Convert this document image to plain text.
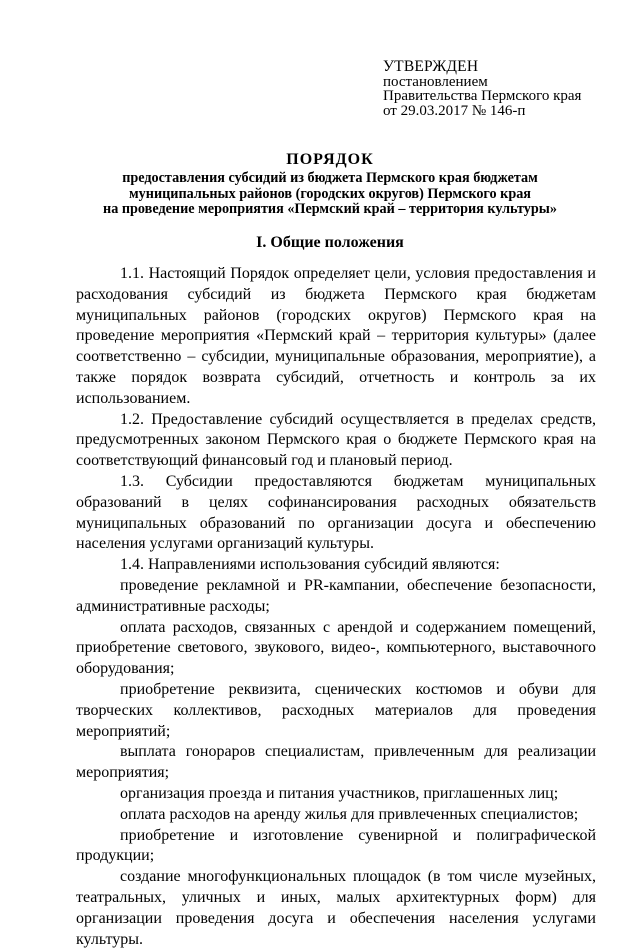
УТВЕРЖДЕН
постановлением
Правительства Пермского края
от 29.03.2017 № 146-п
ПОРЯДОК
предоставления субсидий из бюджета Пермского края бюджетам
муниципальных районов (городских округов) Пермского края
на проведение мероприятия «Пермский край – территория культуры»
I. Общие положения

1.1. Настоящий Порядок определяет цели, условия предоставления и расходования субсидий из бюджета Пермского края бюджетам муниципальных районов (городских округов) Пермского края на проведение мероприятия «Пермский край – территория культуры» (далее соответственно – субсидии, муниципальные образования, мероприятие), а также порядок возврата субсидий, отчетность и контроль за их использованием.

1.2. Предоставление субсидий осуществляется в пределах средств, предусмотренных законом Пермского края о бюджете Пермского края на соответствующий финансовый год и плановый период.

1.3. Субсидии предоставляются бюджетам муниципальных образований в целях софинансирования расходных обязательств муниципальных образований по организации досуга и обеспечению населения услугами организаций культуры.

1.4. Направлениями использования субсидий являются:

проведение рекламной и PR-кампании, обеспечение безопасности, административные расходы;

оплата расходов, связанных с арендой и содержанием помещений, приобретение светового, звукового, видео-, компьютерного, выставочного оборудования;

приобретение реквизита, сценических костюмов и обуви для творческих коллективов, расходных материалов для проведения мероприятий;

выплата гонораров специалистам, привлеченным для реализации мероприятия;

организация проезда и питания участников, приглашенных лиц;

оплата расходов на аренду жилья для привлеченных специалистов;

приобретение и изготовление сувенирной и полиграфической продукции;

создание многофункциональных площадок (в том числе музейных, театральных, уличных и иных, малых архитектурных форм) для организации проведения досуга и обеспечения населения услугами культуры.
